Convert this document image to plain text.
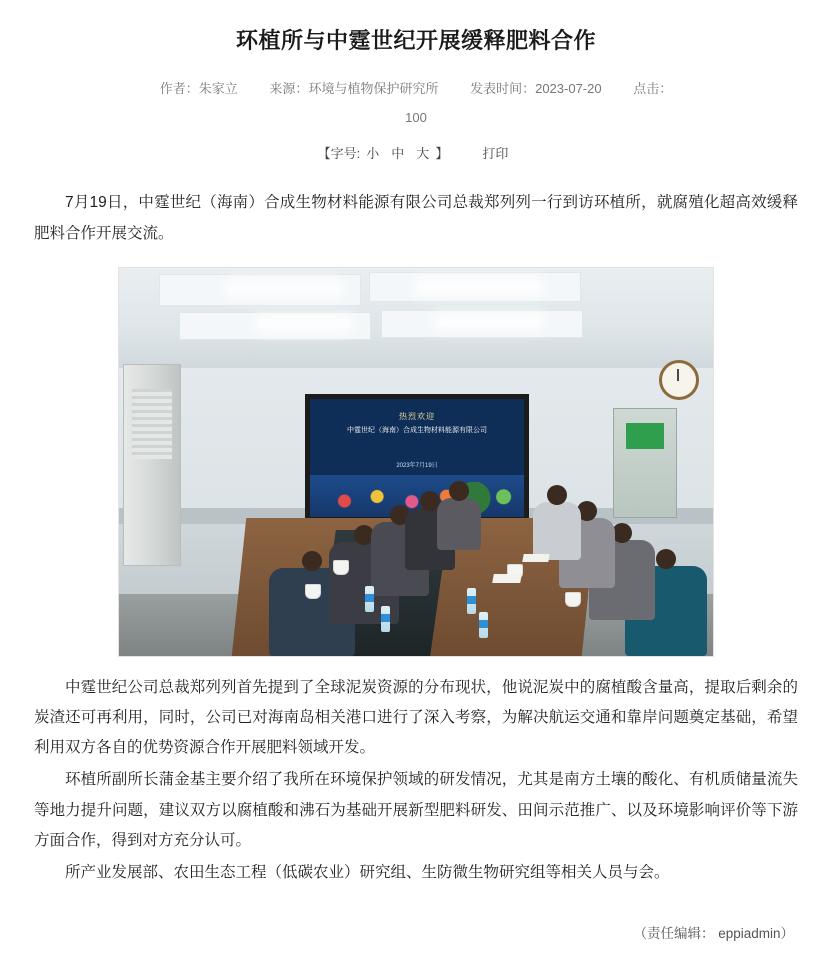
环植所与中霆世纪开展缓释肥料合作
作者：朱家立 来源：环境与植物保护研究所 发表时间：2023-07-20 点击：
100
【字号: 小 中 大 】	打印

7月19日，中霆世纪（海南）合成生物材料能源有限公司总裁郑列列一行到访环植所，就腐殖化超高效缓释肥料合作开展交流。

热烈欢迎
中霆世纪（海南）合成生物材料能源有限公司
2023年7月19日

中霆世纪公司总裁郑列列首先提到了全球泥炭资源的分布现状，他说泥炭中的腐植酸含量高，提取后剩余的炭渣还可再利用，同时，公司已对海南岛相关港口进行了深入考察，为解决航运交通和靠岸问题奠定基础，希望利用双方各自的优势资源合作开展肥料领域开发。

环植所副所长蒲金基主要介绍了我所在环境保护领域的研发情况，尤其是南方土壤的酸化、有机质储量流失等地力提升问题，建议双方以腐植酸和沸石为基础开展新型肥料研发、田间示范推广、以及环境影响评价等下游方面合作，得到对方充分认可。

所产业发展部、农田生态工程（低碳农业）研究组、生防微生物研究组等相关人员与会。

（责任编辑： eppiadmin）
